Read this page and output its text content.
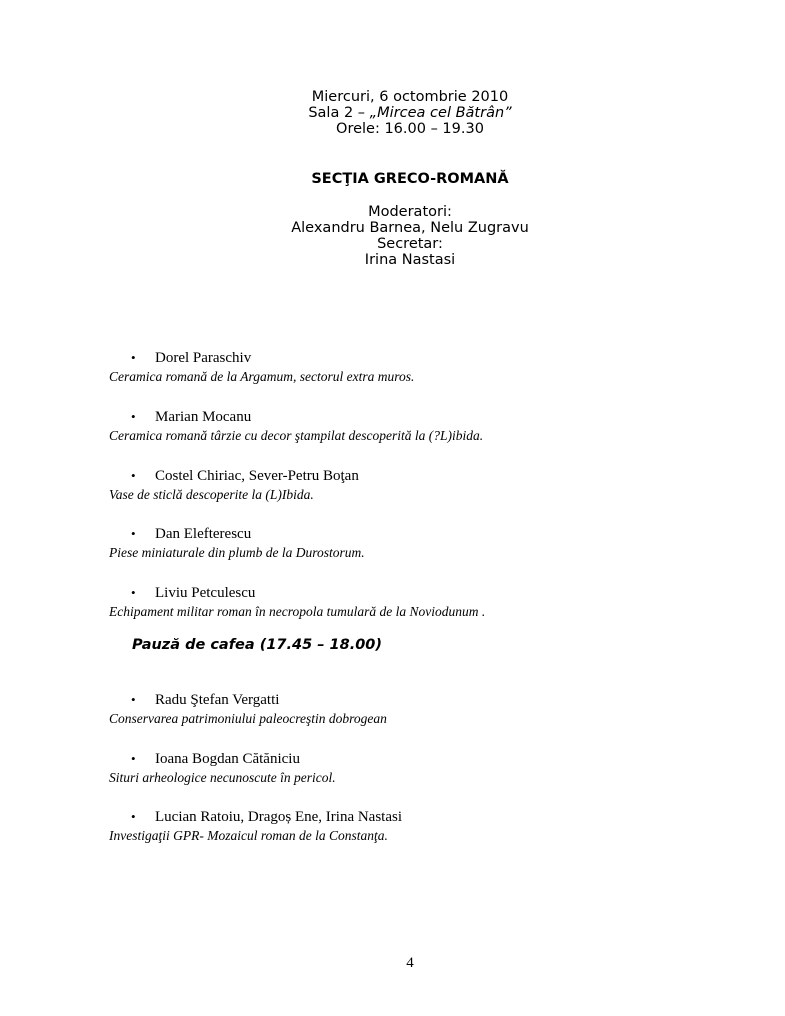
Miercuri, 6 octombrie 2010
Sala 2 – „Mircea cel Bătrân”
Orele: 16.00 – 19.30
SECŢIA GRECO-ROMANĂ
Moderatori:
Alexandru Barnea, Nelu Zugravu
Secretar:
Irina Nastasi
• Dorel Paraschiv
Ceramica romană de la Argamum, sectorul extra muros.
• Marian Mocanu
Ceramica romană târzie cu decor ştampilat descoperită la (?L)ibida.
• Costel Chiriac, Sever-Petru Boţan
Vase de sticlă descoperite la (L)Ibida.
• Dan Elefterescu
Piese miniaturale din plumb de la Durostorum.
• Liviu Petculescu
Echipament militar roman în necropola tumulară de la Noviodunum .
Pauză de cafea (17.45 – 18.00)
• Radu Ştefan Vergatti
Conservarea patrimoniului paleocreştin dobrogean
• Ioana Bogdan Cătăniciu
Situri arheologice necunoscute în pericol.
• Lucian Ratoiu, Dragoș Ene, Irina Nastasi
Investigaţii GPR- Mozaicul roman de la Constanţa.
4
